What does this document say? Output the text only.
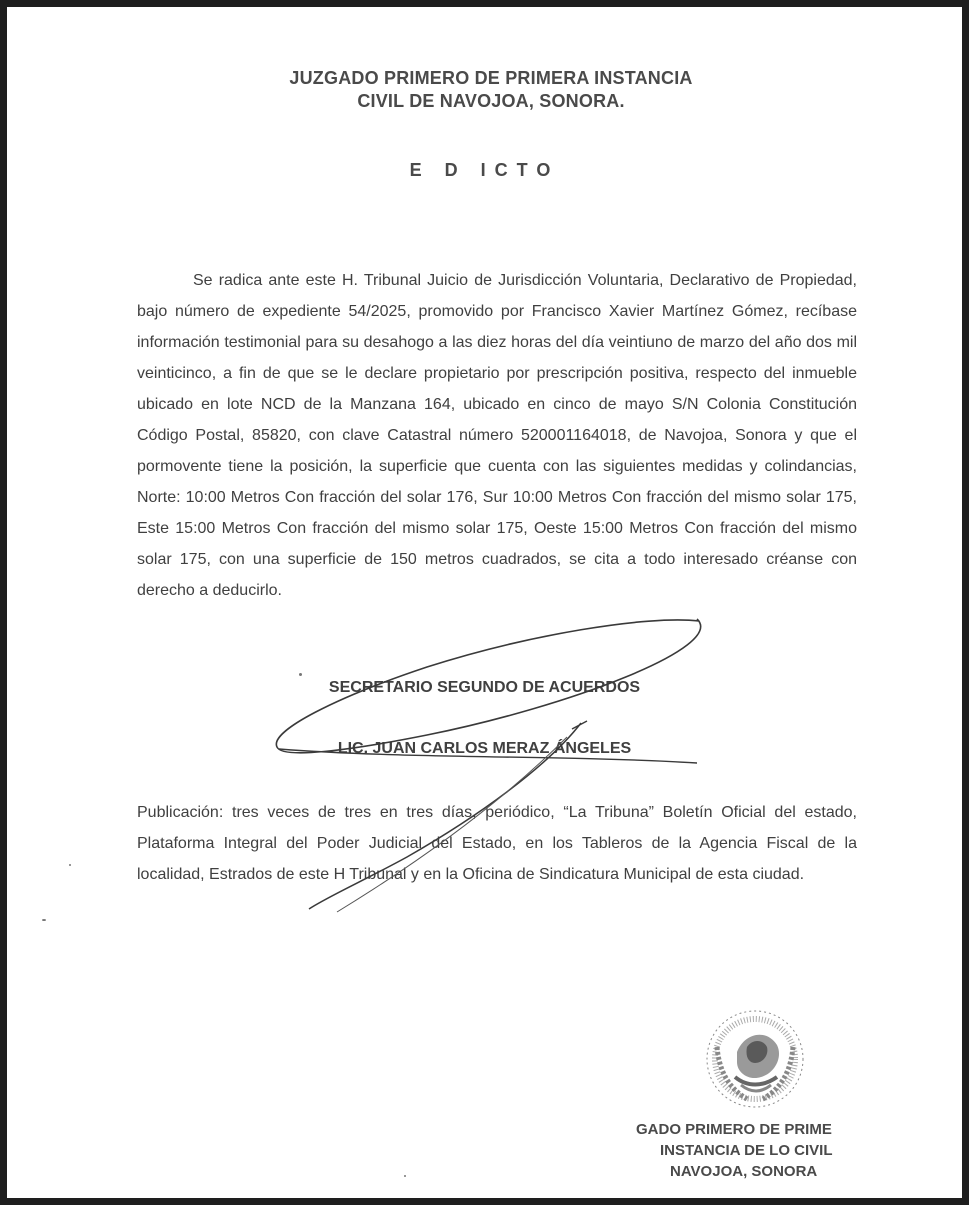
JUZGADO PRIMERO DE PRIMERA INSTANCIA
CIVIL DE NAVOJOA, SONORA.
E D ICTO

Se radica ante este H. Tribunal Juicio de Jurisdicción Voluntaria, Declarativo de Propiedad, bajo número de expediente 54/2025, promovido por Francisco Xavier Martínez Gómez, recíbase información testimonial para su desahogo a las diez horas del día veintiuno de marzo del año dos mil veinticinco, a fin de que se le declare propietario por prescripción positiva, respecto del inmueble ubicado en lote NCD de la Manzana 164, ubicado en cinco de mayo S/N Colonia Constitución Código Postal, 85820, con clave Catastral número 520001164018, de Navojoa, Sonora y que el pormovente tiene la posición, la superficie que cuenta con las siguientes medidas y colindancias, Norte: 10:00 Metros Con fracción del solar 176, Sur 10:00 Metros Con fracción del mismo solar 175, Este 15:00 Metros Con fracción del mismo solar 175, Oeste 15:00 Metros Con fracción del mismo solar 175, con una superficie de 150 metros cuadrados, se cita a todo interesado créanse con derecho a deducirlo.

SECRETARIO SEGUNDO DE ACUERDOS
LIC. JUAN CARLOS MERAZ ÁNGELES

Publicación: tres veces de tres en tres días, periódico, “La Tribuna” Boletín Oficial del estado, Plataforma Integral del Poder Judicial del Estado, en los Tableros de la Agencia Fiscal de la localidad, Estrados de este H Tribunal y en la Oficina de Sindicatura Municipal de esta ciudad.

GADO PRIMERO DE PRIME
INSTANCIA DE LO CIVIL
NAVOJOA, SONORA
